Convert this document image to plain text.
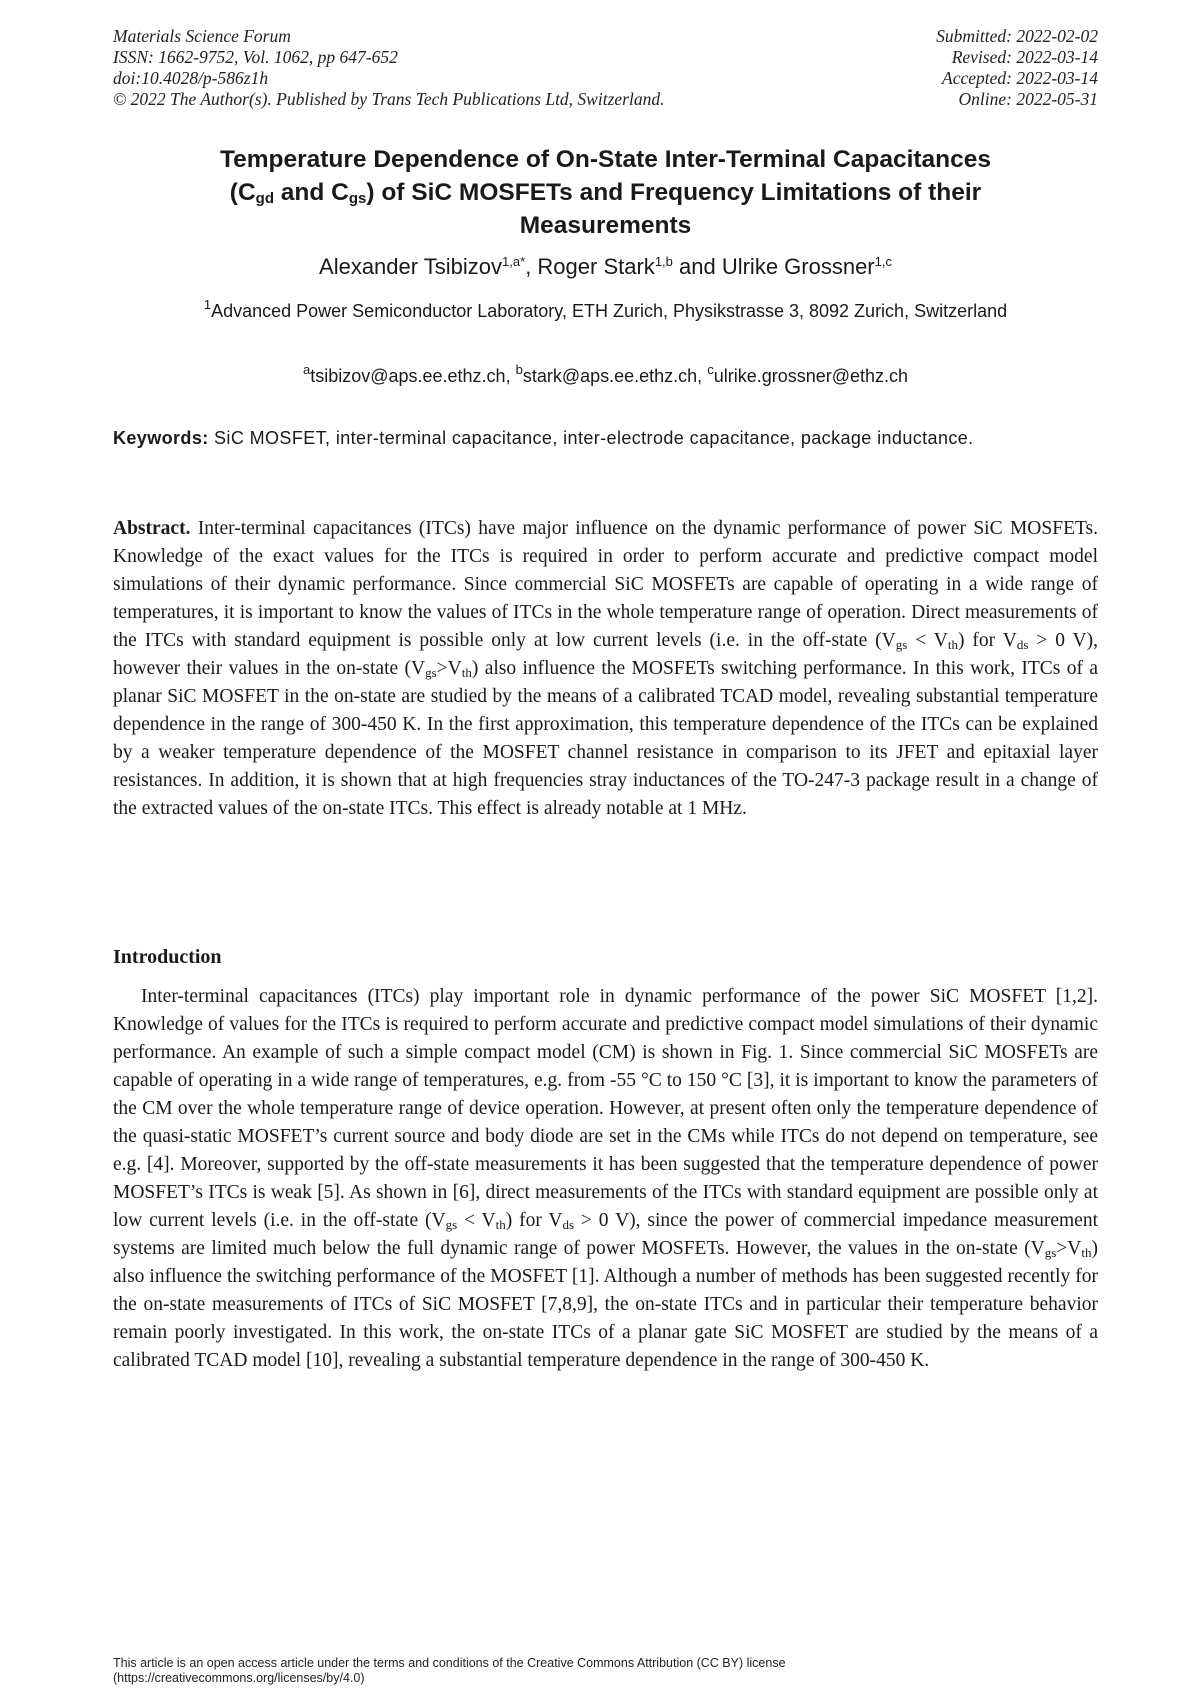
Materials Science Forum
ISSN: 1662-9752, Vol. 1062, pp 647-652
doi:10.4028/p-586z1h
© 2022 The Author(s). Published by Trans Tech Publications Ltd, Switzerland.
Submitted: 2022-02-02
Revised: 2022-03-14
Accepted: 2022-03-14
Online: 2022-05-31
Temperature Dependence of On-State Inter-Terminal Capacitances
($C_{gd}$ and $C_{gs}$) of SiC MOSFETs and Frequency Limitations of their
Measurements
Alexander Tsibizov$^{1,a*}$, Roger Stark$^{1,b}$ and Ulrike Grossner$^{1,c}$
$^1$Advanced Power Semiconductor Laboratory, ETH Zurich, Physikstrasse 3, 8092 Zurich, Switzerland
$^a$tsibizov@aps.ee.ethz.ch, $^b$stark@aps.ee.ethz.ch, $^c$ulrike.grossner@ethz.ch
Keywords: SiC MOSFET, inter-terminal capacitance, inter-electrode capacitance, package inductance.
Abstract. Inter-terminal capacitances (ITCs) have major influence on the dynamic performance of power SiC MOSFETs. Knowledge of the exact values for the ITCs is required in order to perform accurate and predictive compact model simulations of their dynamic performance. Since commercial SiC MOSFETs are capable of operating in a wide range of temperatures, it is important to know the values of ITCs in the whole temperature range of operation. Direct measurements of the ITCs with standard equipment is possible only at low current levels (i.e. in the off-state $(V_{gs} < V_{th})$ for $V_{ds} > 0$ V), however their values in the on-state $(V_{gs}>V_{th})$ also influence the MOSFETs switching performance. In this work, ITCs of a planar SiC MOSFET in the on-state are studied by the means of a calibrated TCAD model, revealing substantial temperature dependence in the range of 300-450 K. In the first approximation, this temperature dependence of the ITCs can be explained by a weaker temperature dependence of the MOSFET channel resistance in comparison to its JFET and epitaxial layer resistances. In addition, it is shown that at high frequencies stray inductances of the TO-247-3 package result in a change of the extracted values of the on-state ITCs. This effect is already notable at 1 MHz.
Introduction
Inter-terminal capacitances (ITCs) play important role in dynamic performance of the power SiC MOSFET [1,2]. Knowledge of values for the ITCs is required to perform accurate and predictive compact model simulations of their dynamic performance. An example of such a simple compact model (CM) is shown in Fig. 1. Since commercial SiC MOSFETs are capable of operating in a wide range of temperatures, e.g. from -55 °C to 150 °C [3], it is important to know the parameters of the CM over the whole temperature range of device operation. However, at present often only the temperature dependence of the quasi-static MOSFET’s current source and body diode are set in the CMs while ITCs do not depend on temperature, see e.g. [4]. Moreover, supported by the off-state measurements it has been suggested that the temperature dependence of power MOSFET’s ITCs is weak [5]. As shown in [6], direct measurements of the ITCs with standard equipment are possible only at low current levels (i.e. in the off-state $(V_{gs} < V_{th})$ for $V_{ds} > 0$ V), since the power of commercial impedance measurement systems are limited much below the full dynamic range of power MOSFETs. However, the values in the on-state $(V_{gs}>V_{th})$ also influence the switching performance of the MOSFET [1]. Although a number of methods has been suggested recently for the on-state measurements of ITCs of SiC MOSFET [7,8,9], the on-state ITCs and in particular their temperature behavior remain poorly investigated. In this work, the on-state ITCs of a planar gate SiC MOSFET are studied by the means of a calibrated TCAD model [10], revealing a substantial temperature dependence in the range of 300-450 K.
This article is an open access article under the terms and conditions of the Creative Commons Attribution (CC BY) license
(https://creativecommons.org/licenses/by/4.0)
